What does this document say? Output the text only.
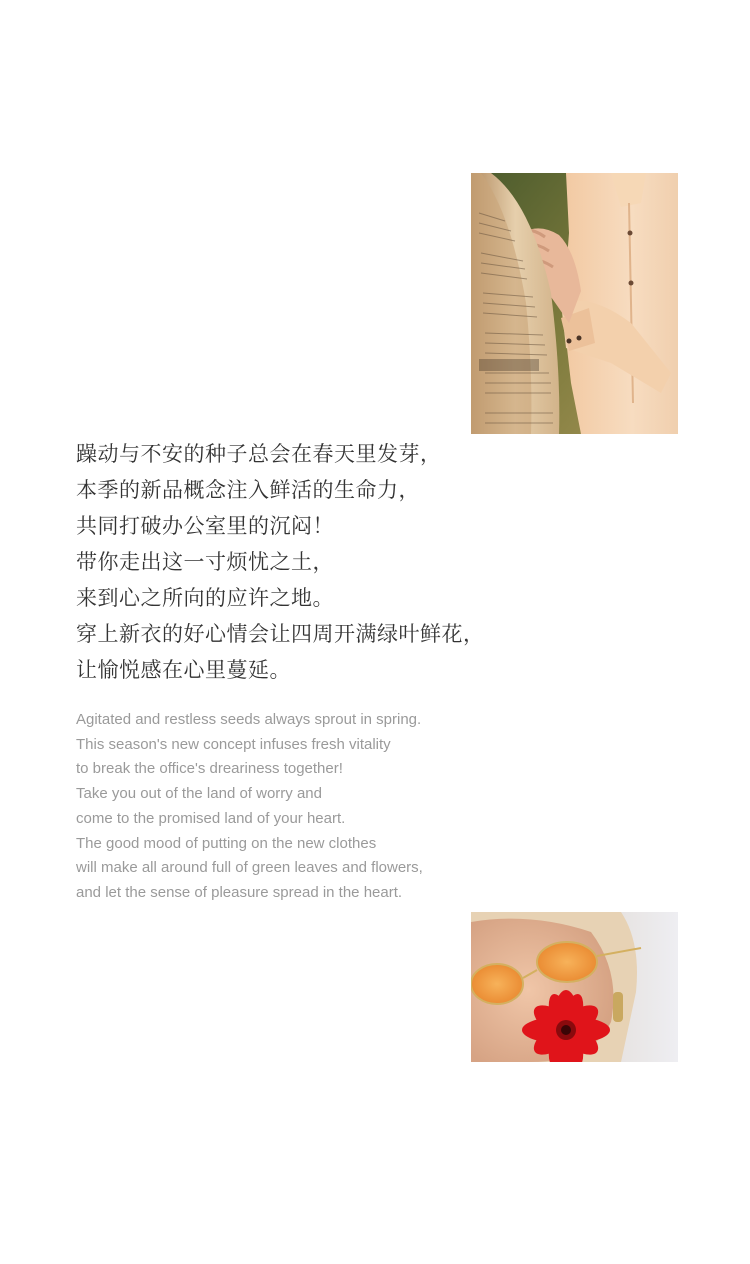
躁动与不安的种子总会在春天里发芽，
本季的新品概念注入鲜活的生命力，
共同打破办公室里的沉闷！
带你走出这一寸烦忧之土，
来到心之所向的应许之地。
穿上新衣的好心情会让四周开满绿叶鲜花，
让愉悦感在心里蔓延。
Agitated and restless seeds always sprout in spring.
This season's new concept infuses fresh vitality
to break the office's dreariness together!
Take you out of the land of worry and
come to the promised land of your heart.
The good mood of putting on the new clothes
will make all around full of green leaves and flowers,
and let the sense of pleasure spread in the heart.
